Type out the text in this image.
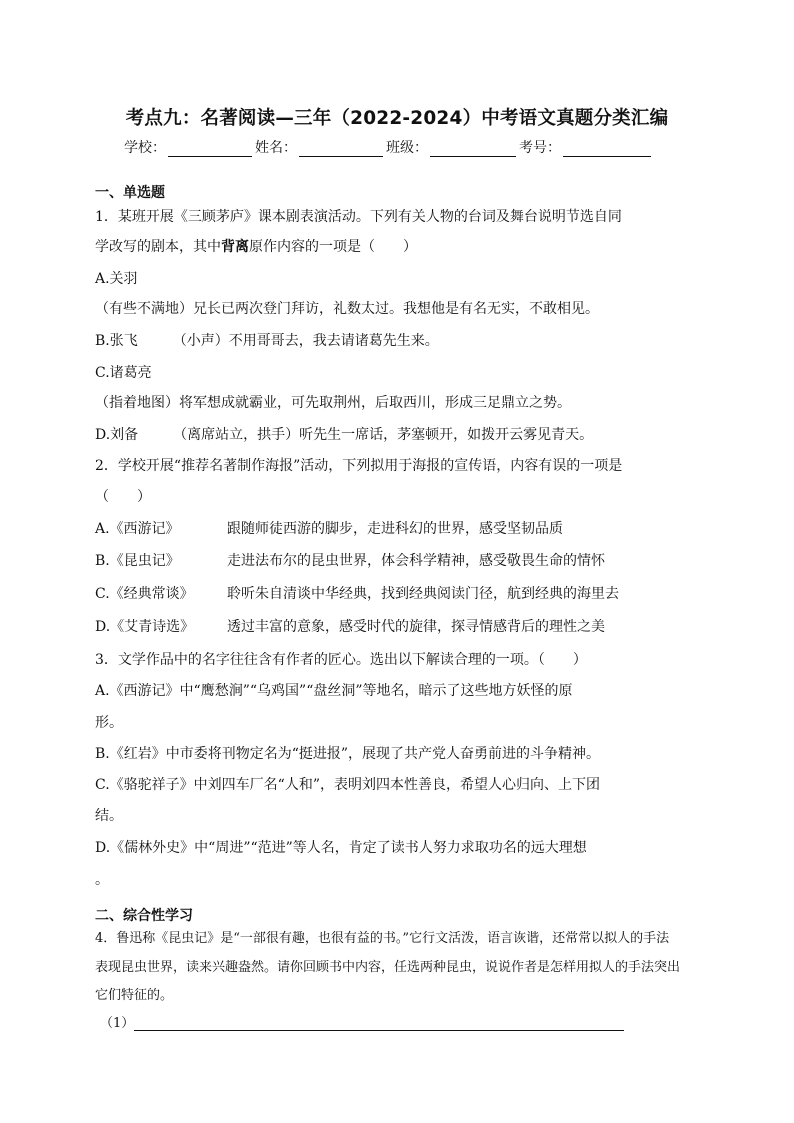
考点九：名著阅读—三年（2022-2024）中考语文真题分类汇编
学校：	姓名：	班级：	考号：
一、单选题
1．某班开展《三顾茅庐》课本剧表演活动。下列有关人物的台词及舞台说明节选自同
学改写的剧本，其中背离原作内容的一项是（　　）
A.关羽
（有些不满地）兄长已两次登门拜访，礼数太过。我想他是有名无实，不敢相见。
B.张飞　　　（小声）不用哥哥去，我去请诸葛先生来。
C.诸葛亮
（指着地图）将军想成就霸业，可先取荆州，后取西川，形成三足鼎立之势。
D.刘备　　　（离席站立，拱手）听先生一席话，茅塞顿开，如拨开云雾见青天。
2．学校开展“推荐名著制作海报”活动，下列拟用于海报的宣传语，内容有误的一项是
（　　）
A.《西游记》	跟随师徒西游的脚步，走进科幻的世界，感受坚韧品质
B.《昆虫记》	走进法布尔的昆虫世界，体会科学精神，感受敬畏生命的情怀
C.《经典常谈》 聆听朱自清谈中华经典，找到经典阅读门径，航到经典的海里去
D.《艾青诗选》 透过丰富的意象，感受时代的旋律，探寻情感背后的理性之美
3．文学作品中的名字往往含有作者的匠心。选出以下解读合理的一项。（　　）
A.《西游记》中“鹰愁涧”“乌鸡国”“盘丝洞”等地名，暗示了这些地方妖怪的原
形。
B.《红岩》中市委将刊物定名为“挺进报”，展现了共产党人奋勇前进的斗争精神。
C.《骆驼祥子》中刘四车厂名“人和”，表明刘四本性善良，希望人心归向、上下团
结。
D.《儒林外史》中“周进”“范进”等人名，肯定了读书人努力求取功名的远大理想
。
二、综合性学习
4．鲁迅称《昆虫记》是“一部很有趣，也很有益的书。”它行文活泼，语言诙谐，还常常以拟人的手法
表现昆虫世界，读来兴趣盎然。请你回顾书中内容，任选两种昆虫，说说作者是怎样用拟人的手法突出
它们特征的。
（1）
